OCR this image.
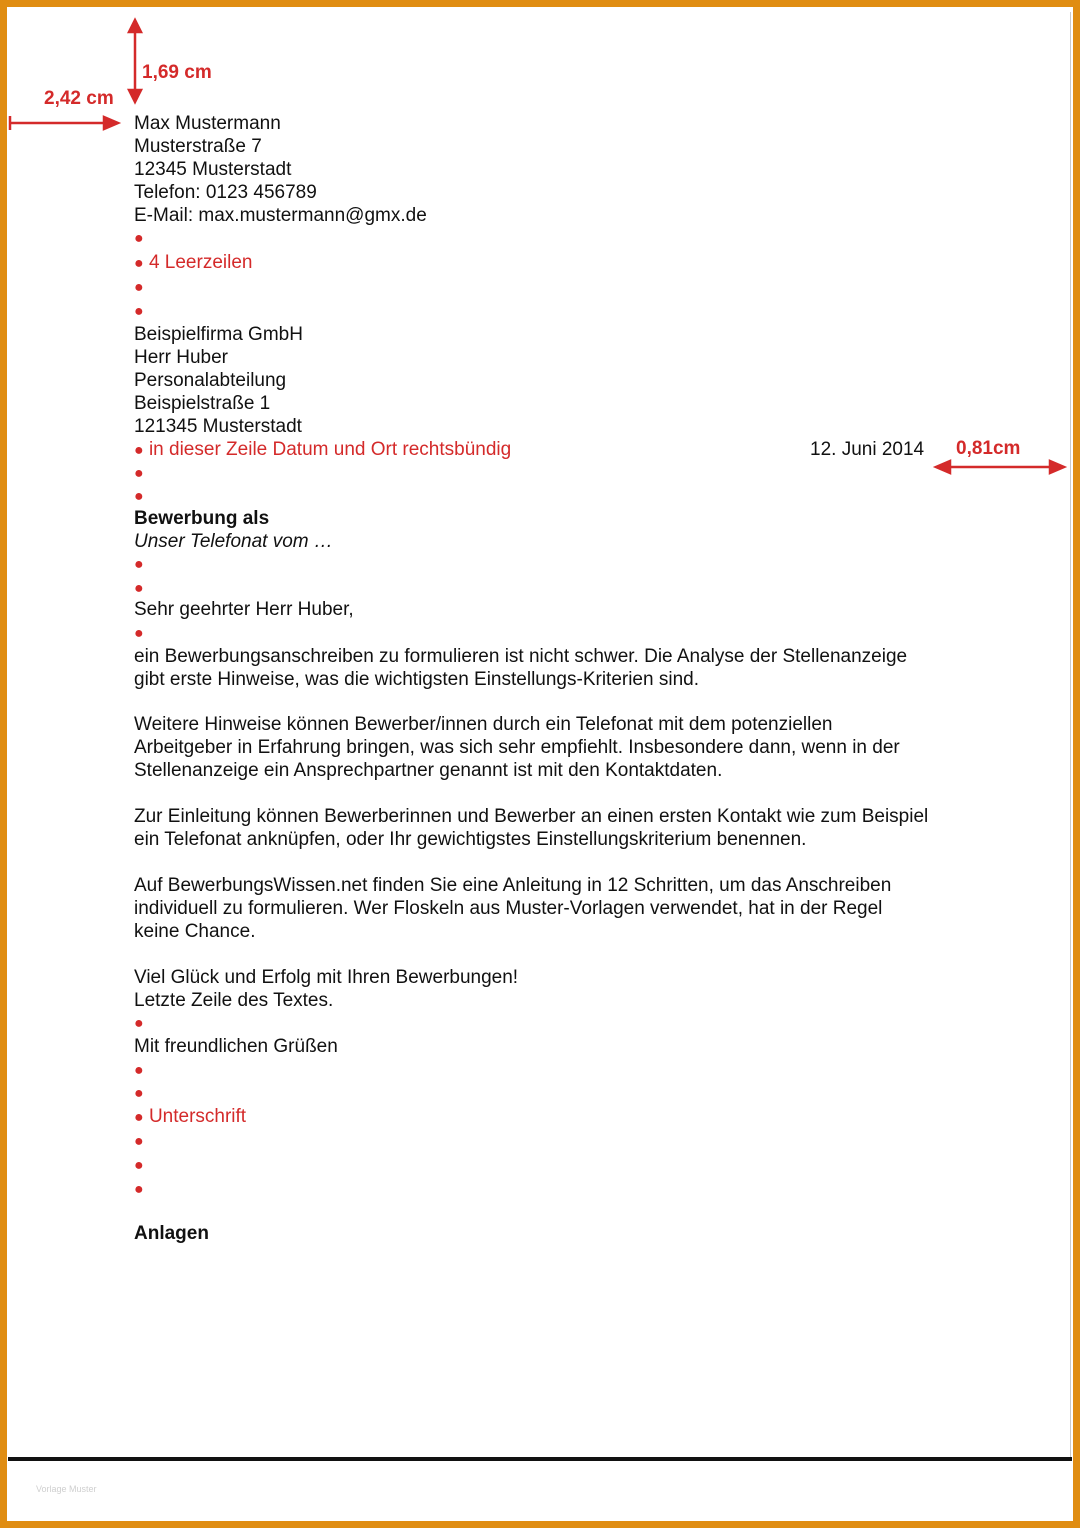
1,69 cm
2,42 cm
0,81cm
Max Mustermann
Musterstraße 7
12345 Musterstadt
Telefon: 0123 456789
E-Mail: max.mustermann@gmx.de
●
● 4 Leerzeilen
●
●
Beispielfirma GmbH
Herr Huber
Personalabteilung
Beispielstraße 1
121345 Musterstadt
● in dieser Zeile Datum und Ort rechtsbündig	12. Juni 2014
●
●
Bewerbung als
Unser Telefonat vom …
●
●
Sehr geehrter Herr Huber,
●
ein Bewerbungsanschreiben zu formulieren ist nicht schwer. Die Analyse der Stellenanzeige
gibt erste Hinweise, was die wichtigsten Einstellungs-Kriterien sind.
Weitere Hinweise können Bewerber/innen durch ein Telefonat mit dem potenziellen
Arbeitgeber in Erfahrung bringen, was sich sehr empfiehlt. Insbesondere dann, wenn in der
Stellenanzeige ein Ansprechpartner genannt ist mit den Kontaktdaten.
Zur Einleitung können Bewerberinnen und Bewerber an einen ersten Kontakt wie zum Beispiel
ein Telefonat anknüpfen, oder Ihr gewichtigstes Einstellungskriterium benennen.
Auf BewerbungsWissen.net finden Sie eine Anleitung in 12 Schritten, um das Anschreiben
individuell zu formulieren. Wer Floskeln aus Muster-Vorlagen verwendet, hat in der Regel
keine Chance.
Viel Glück und Erfolg mit Ihren Bewerbungen!
Letzte Zeile des Textes.
●
Mit freundlichen Grüßen
●
●
● Unterschrift
●
●
●
Anlagen
Vorlage Muster
